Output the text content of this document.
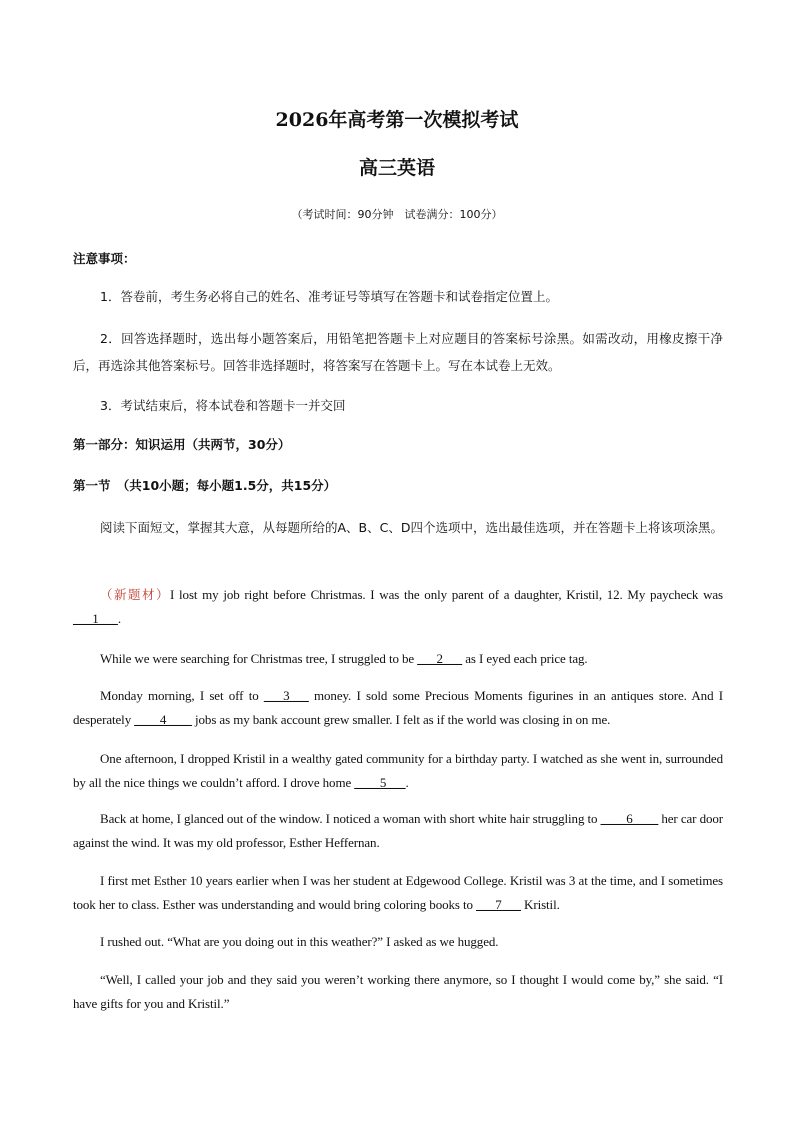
2026年高考第一次模拟考试
高三英语
（考试时间：90分钟　试卷满分：100分）
注意事项：
1．答卷前，考生务必将自己的姓名、准考证号等填写在答题卡和试卷指定位置上。
2．回答选择题时，选出每小题答案后，用铅笔把答题卡上对应题目的答案标号涂黑。如需改动，用橡皮擦干净后，再选涂其他答案标号。回答非选择题时，将答案写在答题卡上。写在本试卷上无效。
3．考试结束后，将本试卷和答题卡一并交回
第一部分：知识运用（共两节，30分）
第一节　（共10小题；每小题1.5分，共15分）
阅读下面短文，掌握其大意，从每题所给的A、B、C、D四个选项中，选出最佳选项，并在答题卡上将该项涂黑。
（新题材）I lost my job right before Christmas. I was the only parent of a daughter, Kristil, 12. My paycheck was ___1___.
While we were searching for Christmas tree, I struggled to be ___2___ as I eyed each price tag.
Monday morning, I set off to ___3___ money. I sold some Precious Moments figurines in an antiques store. And I desperately ____4____ jobs as my bank account grew smaller. I felt as if the world was closing in on me.
One afternoon, I dropped Kristil in a wealthy gated community for a birthday party. I watched as she went in, surrounded by all the nice things we couldn’t afford. I drove home ____5___.
Back at home, I glanced out of the window. I noticed a woman with short white hair struggling to ____6____ her car door against the wind. It was my old professor, Esther Heffernan.
I first met Esther 10 years earlier when I was her student at Edgewood College. Kristil was 3 at the time, and I sometimes took her to class. Esther was understanding and would bring coloring books to ___7___ Kristil.
I rushed out. “What are you doing out in this weather?” I asked as we hugged.
“Well, I called your job and they said you weren’t working there anymore, so I thought I would come by,” she said. “I have gifts for you and Kristil.”
